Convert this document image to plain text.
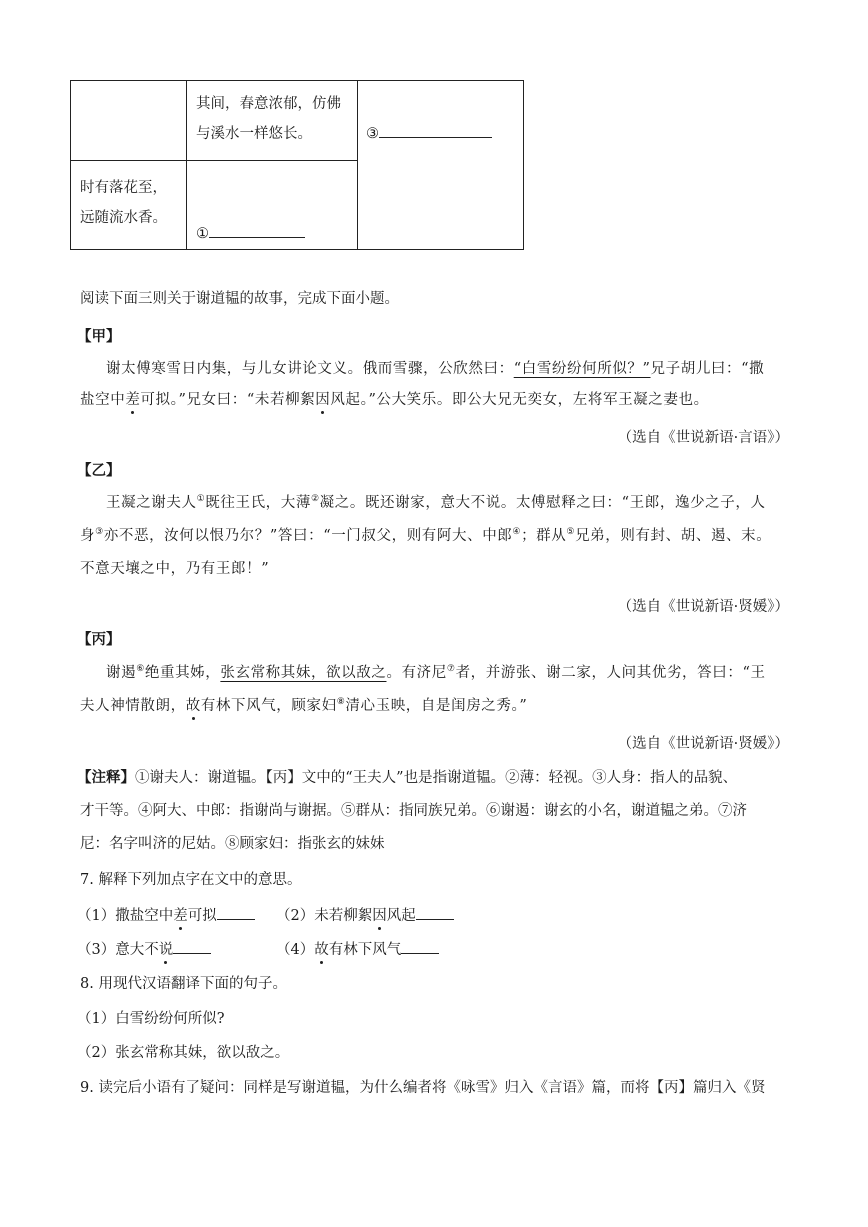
	其间，春意浓郁，仿佛
与溪水一样悠长。	③

时有落花至，
远随流水香。	①	

阅读下面三则关于谢道韫的故事，完成下面小题。
【甲】
谢太傅寒雪日内集，与儿女讲论文义。俄而雪骤，公欣然曰：“白雪纷纷何所似？”兄子胡儿曰：“撒
盐空中差可拟。”兄女曰：“未若柳絮因风起。”公大笑乐。即公大兄无奕女，左将军王凝之妻也。
（选自《世说新语·言语》）
【乙】
王凝之谢夫人①既往王氏，大薄②凝之。既还谢家，意大不说。太傅慰释之曰：“王郎，逸少之子，人
身③亦不恶，汝何以恨乃尔？”答曰：“一门叔父，则有阿大、中郎④；群从⑤兄弟，则有封、胡、遏、末。
不意天壤之中，乃有王郎！”
（选自《世说新语·贤媛》）
【丙】
谢遏⑥绝重其姊，张玄常称其妹，欲以敌之。有济尼⑦者，并游张、谢二家，人问其优劣，答曰：“王
夫人神情散朗，故有林下风气，顾家妇⑧清心玉映，自是闺房之秀。”
（选自《世说新语·贤媛》）
【注释】①谢夫人：谢道韫。【丙】文中的“王夫人”也是指谢道韫。②薄：轻视。③人身：指人的品貌、
才干等。④阿大、中郎：指谢尚与谢据。⑤群从：指同族兄弟。⑥谢遏：谢玄的小名，谢道韫之弟。⑦济
尼：名字叫济的尼姑。⑧顾家妇：指张玄的妹妹
7. 解释下列加点字在文中的意思。
（1）撒盐空中差可拟	（2）未若柳絮因风起
（3）意大不说	（4）故有林下风气
8. 用现代汉语翻译下面的句子。
（1）白雪纷纷何所似?
（2）张玄常称其妹，欲以敌之。
9. 读完后小语有了疑问：同样是写谢道韫，为什么编者将《咏雪》归入《言语》篇，而将【丙】篇归入《贤
